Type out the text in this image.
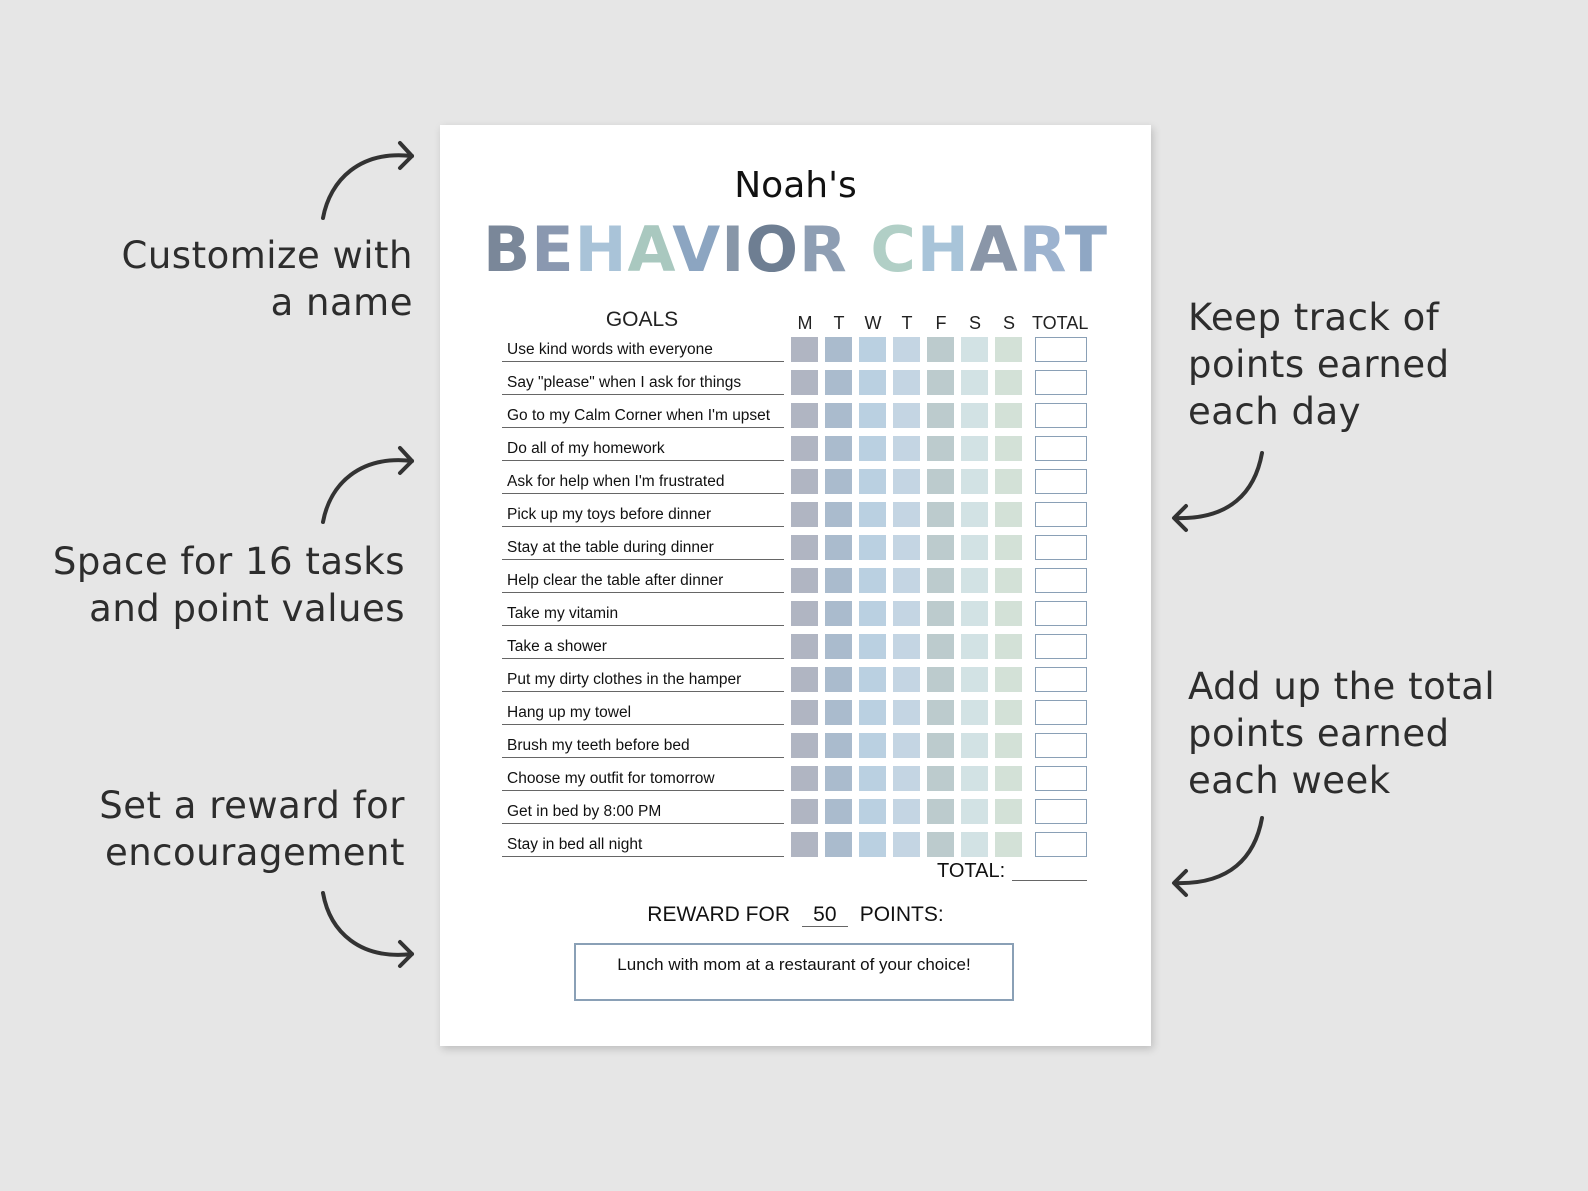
Customize with
a name
Space for 16 tasks
and point values
Set a reward for
encouragement
Keep track of
points earned
each day
Add up the total
points earned
each week
Noah's
BEHAVIOR CHART
GOALS	M	T	W	T	F	S	S TOTAL
Use kind words with everyone
Say "please" when I ask for things
Go to my Calm Corner when I'm upset
Do all of my homework
Ask for help when I'm frustrated
Pick up my toys before dinner
Stay at the table during dinner
Help clear the table after dinner
Take my vitamin
Take a shower
Put my dirty clothes in the hamper
Hang up my towel
Brush my teeth before bed
Choose my outfit for tomorrow
Get in bed by 8:00 PM
Stay in bed all night
TOTAL:
REWARD FOR 50 POINTS:
Lunch with mom at a restaurant of your choice!
